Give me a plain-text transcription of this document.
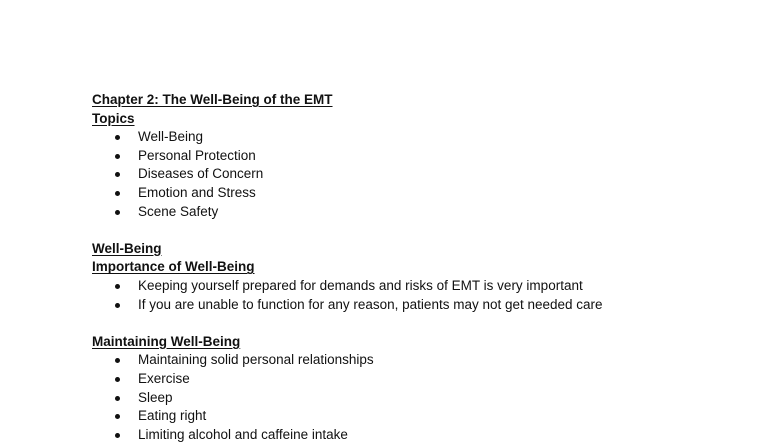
Chapter 2: The Well-Being of the EMT
Topics
Well-Being
Personal Protection
Diseases of Concern
Emotion and Stress
Scene Safety
Well-Being
Importance of Well-Being
Keeping yourself prepared for demands and risks of EMT is very important
If you are unable to function for any reason, patients may not get needed care
Maintaining Well-Being
Maintaining solid personal relationships
Exercise
Sleep
Eating right
Limiting alcohol and caffeine intake
